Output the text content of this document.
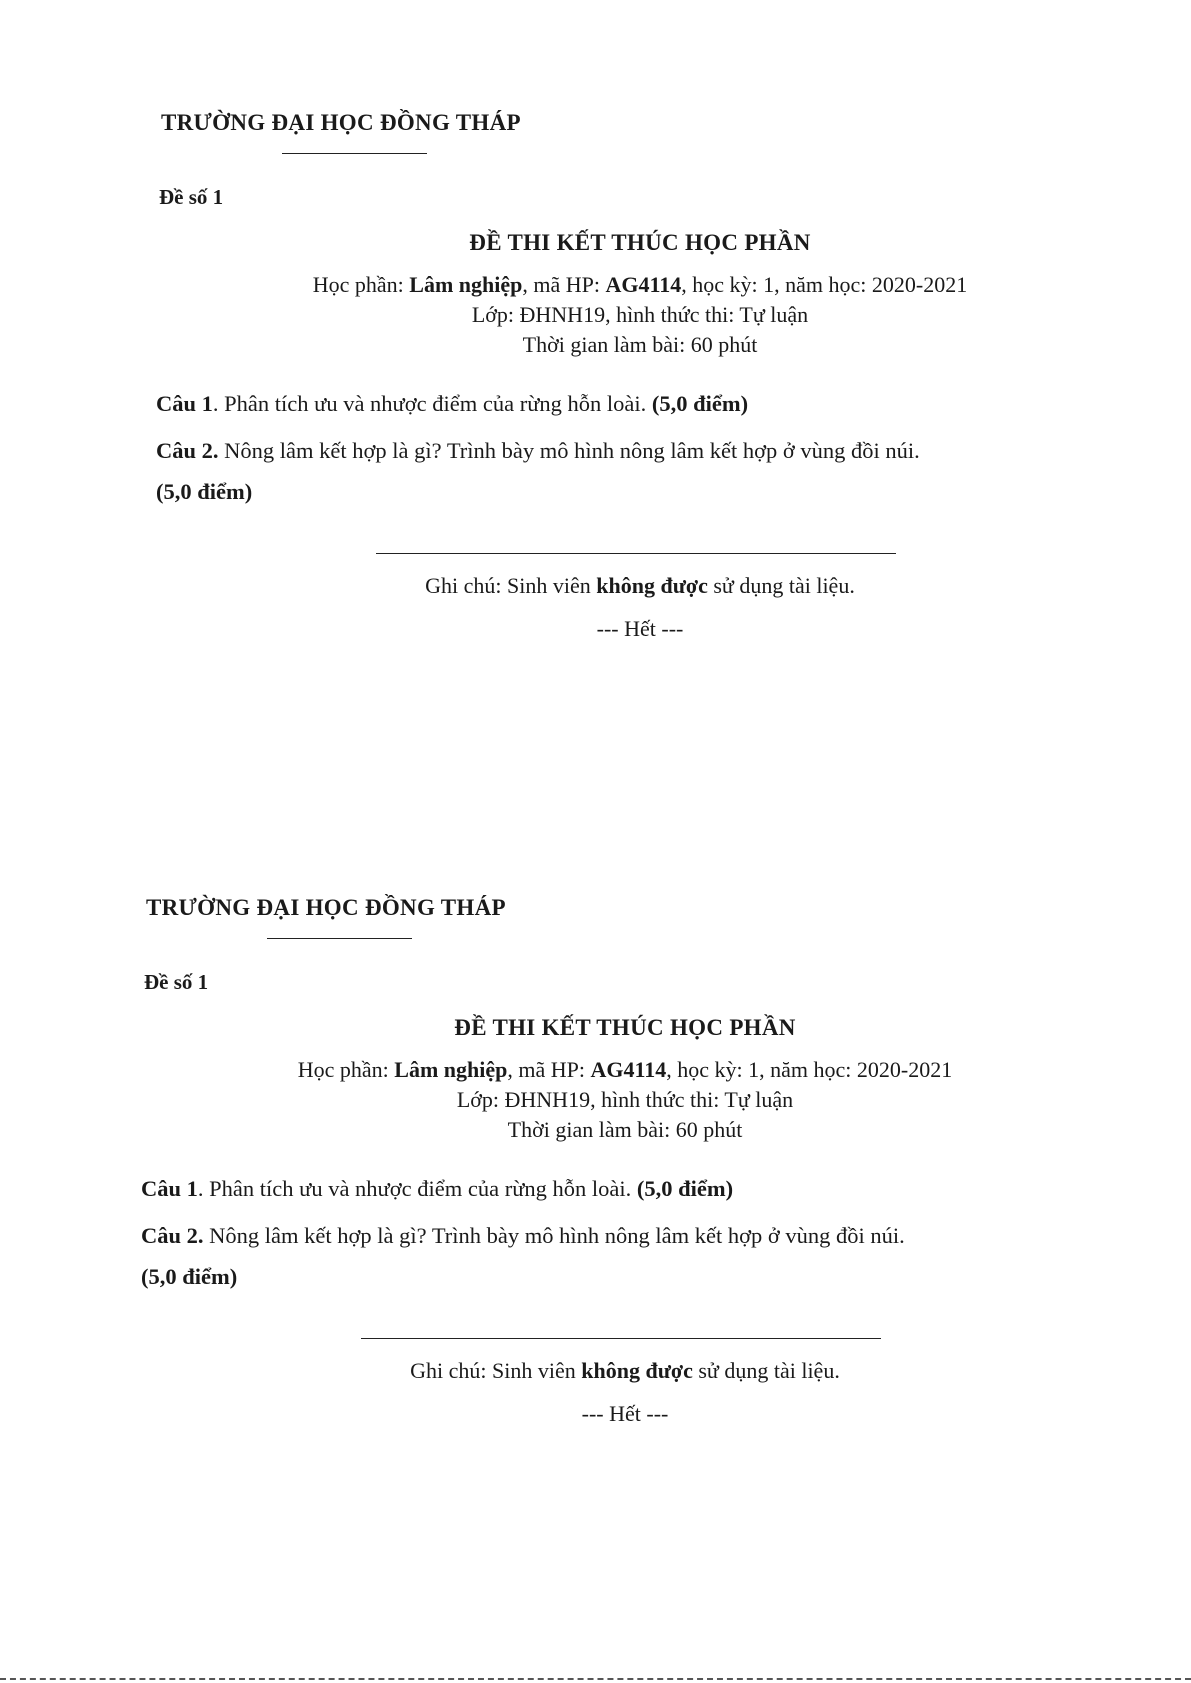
TRƯỜNG ĐẠI HỌC ĐỒNG THÁP
Đề số 1
ĐỀ THI KẾT THÚC HỌC PHẦN
Học phần: Lâm nghiệp, mã HP: AG4114, học kỳ: 1, năm học: 2020-2021
Lớp: ĐHNH19, hình thức thi: Tự luận
Thời gian làm bài: 60 phút
Câu 1. Phân tích ưu và nhược điểm của rừng hỗn loài. (5,0 điểm)
Câu 2. Nông lâm kết hợp là gì? Trình bày mô hình nông lâm kết hợp ở vùng đồi núi.
(5,0 điểm)
Ghi chú: Sinh viên không được sử dụng tài liệu.
--- Hết ---
TRƯỜNG ĐẠI HỌC ĐỒNG THÁP
Đề số 1
ĐỀ THI KẾT THÚC HỌC PHẦN
Học phần: Lâm nghiệp, mã HP: AG4114, học kỳ: 1, năm học: 2020-2021
Lớp: ĐHNH19, hình thức thi: Tự luận
Thời gian làm bài: 60 phút
Câu 1. Phân tích ưu và nhược điểm của rừng hỗn loài. (5,0 điểm)
Câu 2. Nông lâm kết hợp là gì? Trình bày mô hình nông lâm kết hợp ở vùng đồi núi.
(5,0 điểm)
Ghi chú: Sinh viên không được sử dụng tài liệu.
--- Hết ---
